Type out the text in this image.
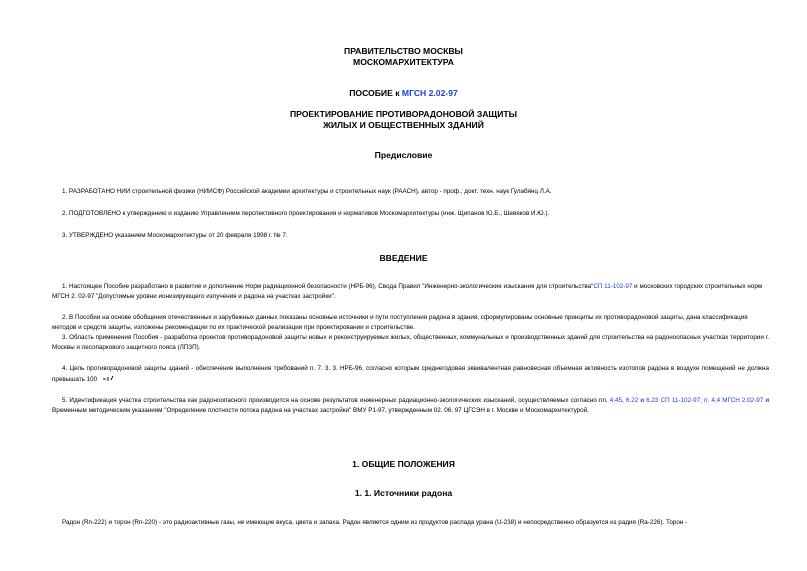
ПРАВИТЕЛЬСТВО МОСКВЫ
МОСКОМАРХИТЕКТУРА
ПОСОБИЕ к МГСН 2.02-97
ПРОЕКТИРОВАНИЕ ПРОТИВОРАДОНОВОЙ ЗАЩИТЫ
ЖИЛЫХ И ОБЩЕСТВЕННЫХ ЗДАНИЙ
Предисловие
1. РАЗРАБОТАНО НИИ строительной физики (НИИСФ) Российской академии архитектуры и строительных наук (РААСН), автор - проф., докт. техн. наук Гулабянц Л.А.
2. ПОДГОТОВЛЕНО к утверждению и изданию Управлением перспективного проектирования и нормативов Москомархитектуры (инж. Щипанов Ю.Б., Шевяков И.Ю.).
3. УТВЕРЖДЕНО указанием Москомархитектуры от 20 февраля 1998 г. № 7.
ВВЕДЕНИЕ
1. Настоящее Пособие разработано в развитие и дополнение Норм радиационной безопасности (НРБ-96), Свода Правил "Инженерно-экологические изыскания для строительства"СП 11-102-97 и московских городских строительных норм МГСН 2. 02-97 "Допустимые уровни ионизирующего излучения и радона на участках застройки".
2. В Пособии на основе обобщения отечественных и зарубежных данных показаны основные источники и пути поступления радона в здания, сформулированы основные принципы их противорадоновой защиты, дана классификация методов и средств защиты, изложены рекомендации по их практической реализации при проектировании и строительстве.
3. Область применения Пособия - разработка проектов противорадоновой защиты новых и реконструируемых жилых, общественных, коммунальных и производственных зданий для строительства на радоноопасных участках территории г. Москвы и лесопаркового защитного пояса (ЛПЗП).
4. Цель противорадоновой защиты зданий - обеспечение выполнения требований п. 7. 3. 3. НРБ-96, согласно которым среднегодовая эквивалентная равновесная объемная активность изотопов радона в воздухе помещений не должна превышать 100
5. Идентификация участка строительства как радоноопасного производится на основе результатов инженерных радиационно-экологических изысканий, осуществляемых согласно пп. 4.45, 6.22 и 6.23 СП 11-102-97; п. 4.4 МГСН 2.02-97 и Временным методическим указаниям "Определение плотности потока радона на участках застройки" ВМУ Р1-97, утвержденным 02. 06. 97 ЦГСЭН в г. Москве и Москомархитектурой.
1. ОБЩИЕ ПОЛОЖЕНИЯ
1. 1. Источники радона
Радон (Rn-222) и торон (Rn-220) - это радиоактивные газы, не имеющие вкуса, цвета и запаха. Радон является одним из продуктов распада урана (U-238) и непосредственно образуется из радия (Ra-226). Торон -
